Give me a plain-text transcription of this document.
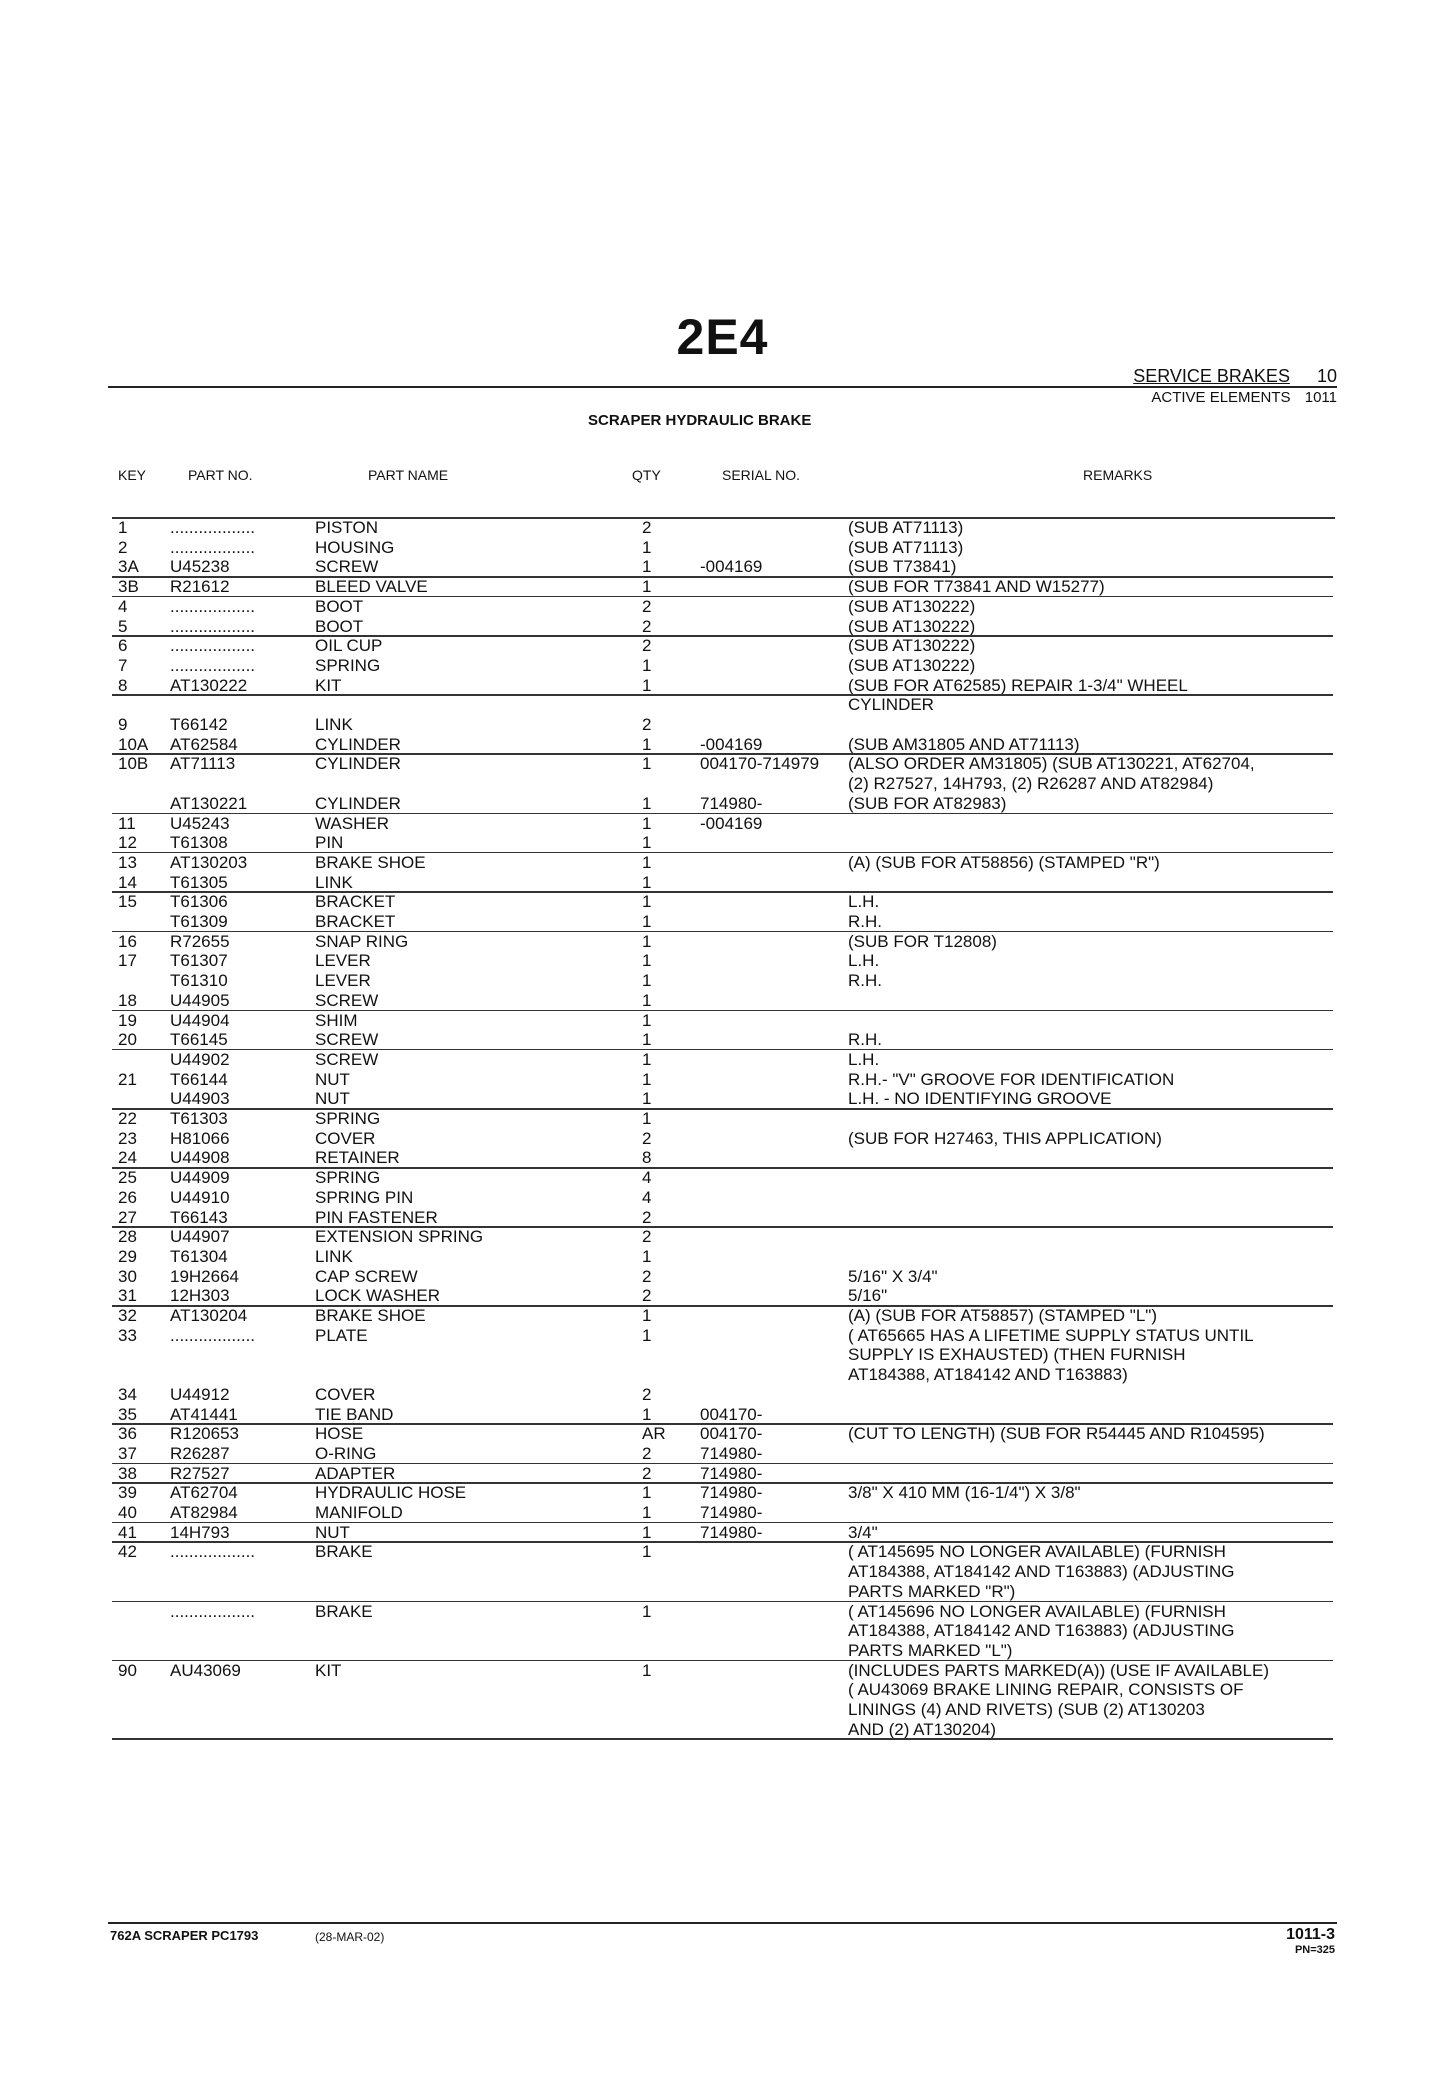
2E4
SERVICE BRAKES 10
ACTIVE ELEMENTS 1011
SCRAPER HYDRAULIC BRAKE
KEY	PART NO.	PART NAME	QTY	SERIAL NO.	REMARKS
1	..................	PISTON	2	(SUB AT71113)
2	..................	HOUSING	1	(SUB AT71113)
3A U45238	SCREW	1	-004169	(SUB T73841)
3B R21612	BLEED VALVE	1	(SUB FOR T73841 AND W15277)
4	..................	BOOT	2	(SUB AT130222)
5	..................	BOOT	2	(SUB AT130222)
6	..................	OIL CUP	2	(SUB AT130222)
7	..................	SPRING	1	(SUB AT130222)
8	AT130222	KIT	1	(SUB FOR AT62585) REPAIR 1-3/4" WHEEL
CYLINDER
9	T66142	LINK	2
10A AT62584	CYLINDER	1	-004169	(SUB AM31805 AND AT71113)
10B AT71113	CYLINDER	1	004170-714979 (ALSO ORDER AM31805) (SUB AT130221, AT62704,
(2) R27527, 14H793, (2) R26287 AND AT82984)
AT130221	CYLINDER	1	714980-	(SUB FOR AT82983)
11 U45243	WASHER	1	-004169
12 T61308	PIN	1
13 AT130203	BRAKE SHOE	1	(A) (SUB FOR AT58856) (STAMPED "R")
14 T61305	LINK	1
15 T61306	BRACKET	1	L.H.
T61309	BRACKET	1	R.H.
16 R72655	SNAP RING	1	(SUB FOR T12808)
17 T61307	LEVER	1	L.H.
T61310	LEVER	1	R.H.
18 U44905	SCREW	1
19 U44904	SHIM	1
20 T66145	SCREW	1	R.H.
U44902	SCREW	1	L.H.
21 T66144	NUT	1	R.H.- "V" GROOVE FOR IDENTIFICATION
U44903	NUT	1	L.H. - NO IDENTIFYING GROOVE
22 T61303	SPRING	1
23 H81066	COVER	2	(SUB FOR H27463, THIS APPLICATION)
24 U44908	RETAINER	8
25 U44909	SPRING	4
26 U44910	SPRING PIN	4
27 T66143	PIN FASTENER	2
28 U44907	EXTENSION SPRING	2
29 T61304	LINK	1
30 19H2664	CAP SCREW	2	5/16" X 3/4"
31 12H303	LOCK WASHER	2	5/16"
32 AT130204	BRAKE SHOE	1	(A) (SUB FOR AT58857) (STAMPED "L")
33 ..................	PLATE	1	( AT65665 HAS A LIFETIME SUPPLY STATUS UNTIL
SUPPLY IS EXHAUSTED) (THEN FURNISH
AT184388, AT184142 AND T163883)
34 U44912	COVER	2
35 AT41441	TIE BAND	1	004170-
36 R120653	HOSE	AR 004170-	(CUT TO LENGTH) (SUB FOR R54445 AND R104595)
37 R26287	O-RING	2	714980-
38 R27527	ADAPTER	2	714980-
39 AT62704	HYDRAULIC HOSE	1	714980-	3/8" X 410 MM (16-1/4") X 3/8"
40 AT82984	MANIFOLD	1	714980-
41 14H793	NUT	1	714980-	3/4"
42 ..................	BRAKE	1	( AT145695 NO LONGER AVAILABLE) (FURNISH
AT184388, AT184142 AND T163883) (ADJUSTING
PARTS MARKED "R")
..................	BRAKE	1	( AT145696 NO LONGER AVAILABLE) (FURNISH
AT184388, AT184142 AND T163883) (ADJUSTING
PARTS MARKED "L")
90 AU43069	KIT	1	(INCLUDES PARTS MARKED(A)) (USE IF AVAILABLE)
( AU43069 BRAKE LINING REPAIR, CONSISTS OF
LININGS (4) AND RIVETS) (SUB (2) AT130203
AND (2) AT130204)
762A SCRAPER PC1793	(28-MAR-02)	1011-3
PN=325
